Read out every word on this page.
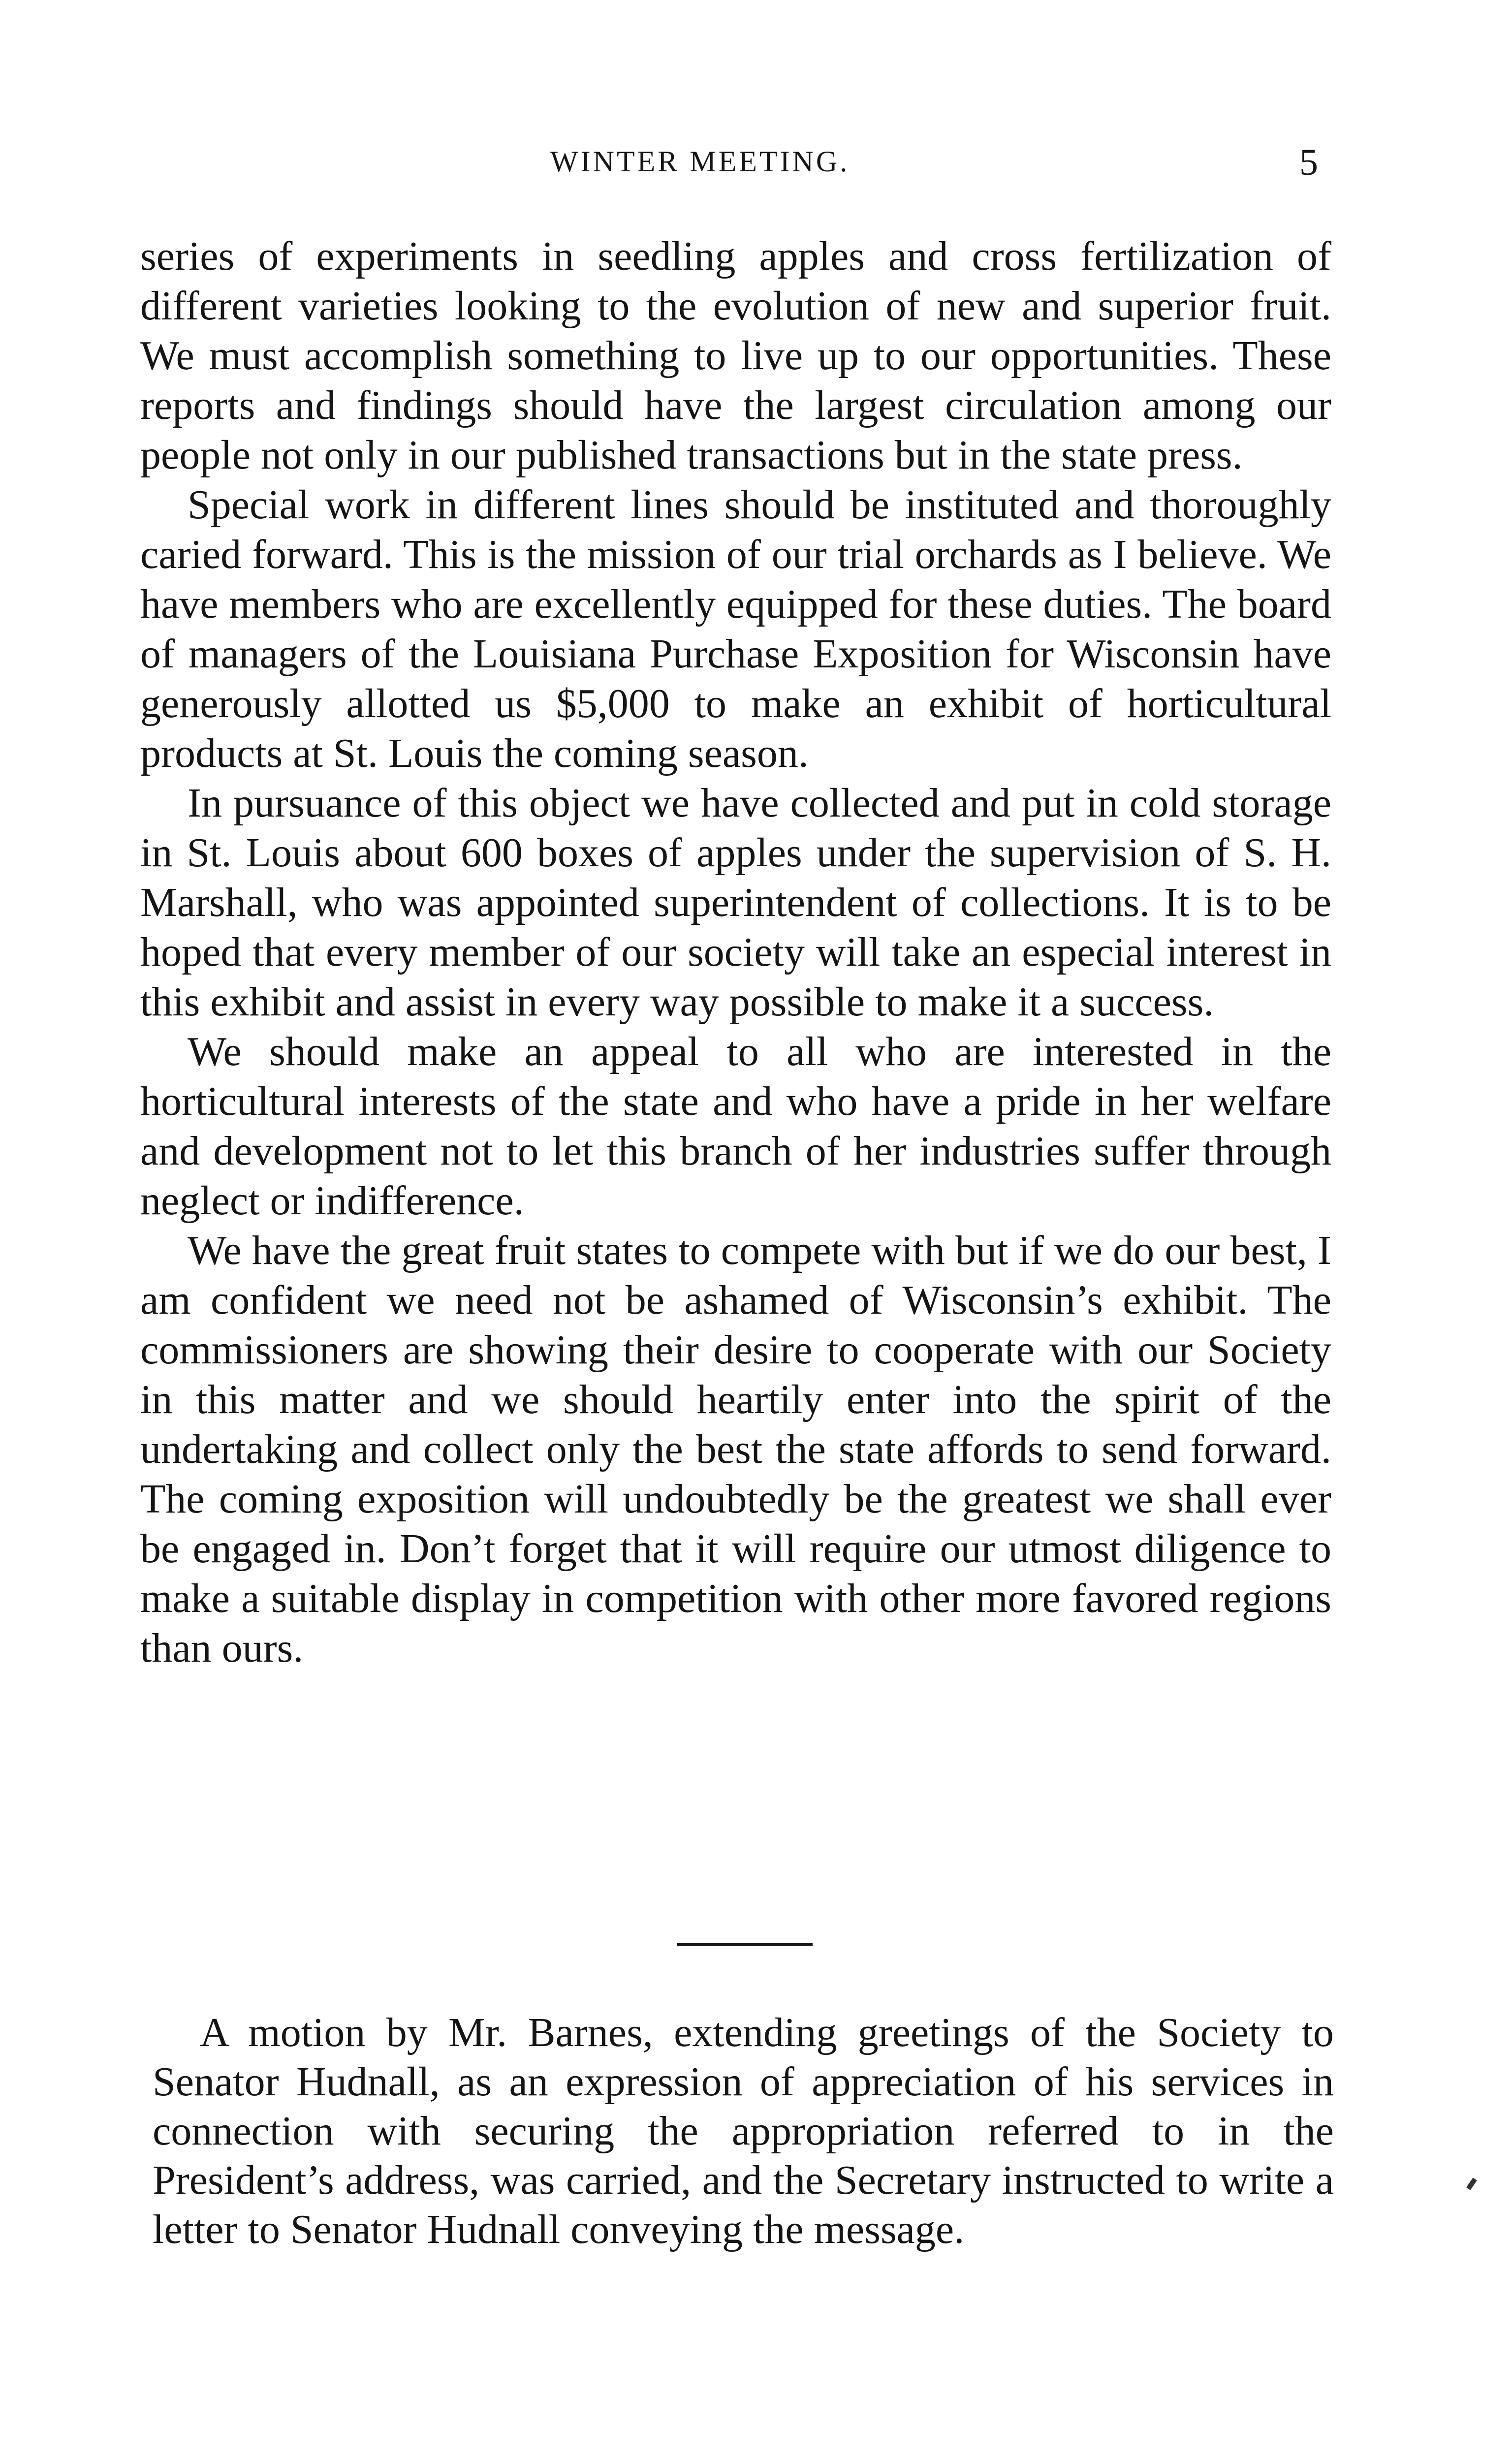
WINTER MEETING.	5

series of experiments in seedling apples and cross fertilization of different varieties looking to the evolution of new and superior fruit. We must accomplish something to live up to our opportunities. These reports and findings should have the largest circulation among our people not only in our published transactions but in the state press.

Special work in different lines should be instituted and thoroughly caried forward. This is the mission of our trial orchards as I believe. We have members who are excellently equipped for these duties. The board of managers of the Louisiana Purchase Exposition for Wisconsin have generously allotted us $5,000 to make an exhibit of horticultural products at St. Louis the coming season.

In pursuance of this object we have collected and put in cold storage in St. Louis about 600 boxes of apples under the supervision of S. H. Marshall, who was appointed superintendent of collections. It is to be hoped that every member of our society will take an especial interest in this exhibit and assist in every way possible to make it a success.

We should make an appeal to all who are interested in the horticultural interests of the state and who have a pride in her welfare and development not to let this branch of her industries suffer through neglect or indifference.

We have the great fruit states to compete with but if we do our best, I am confident we need not be ashamed of Wisconsin’s exhibit. The commissioners are showing their desire to cooperate with our Society in this matter and we should heartily enter into the spirit of the undertaking and collect only the best the state affords to send forward. The coming exposition will undoubtedly be the greatest we shall ever be engaged in. Don’t forget that it will require our utmost diligence to make a suitable display in competition with other more favored regions than ours.

A motion by Mr. Barnes, extending greetings of the Society to Senator Hudnall, as an expression of appreciation of his services in connection with securing the appropriation referred to in the President’s address, was carried, and the Secretary instructed to write a letter to Senator Hudnall conveying the message.
